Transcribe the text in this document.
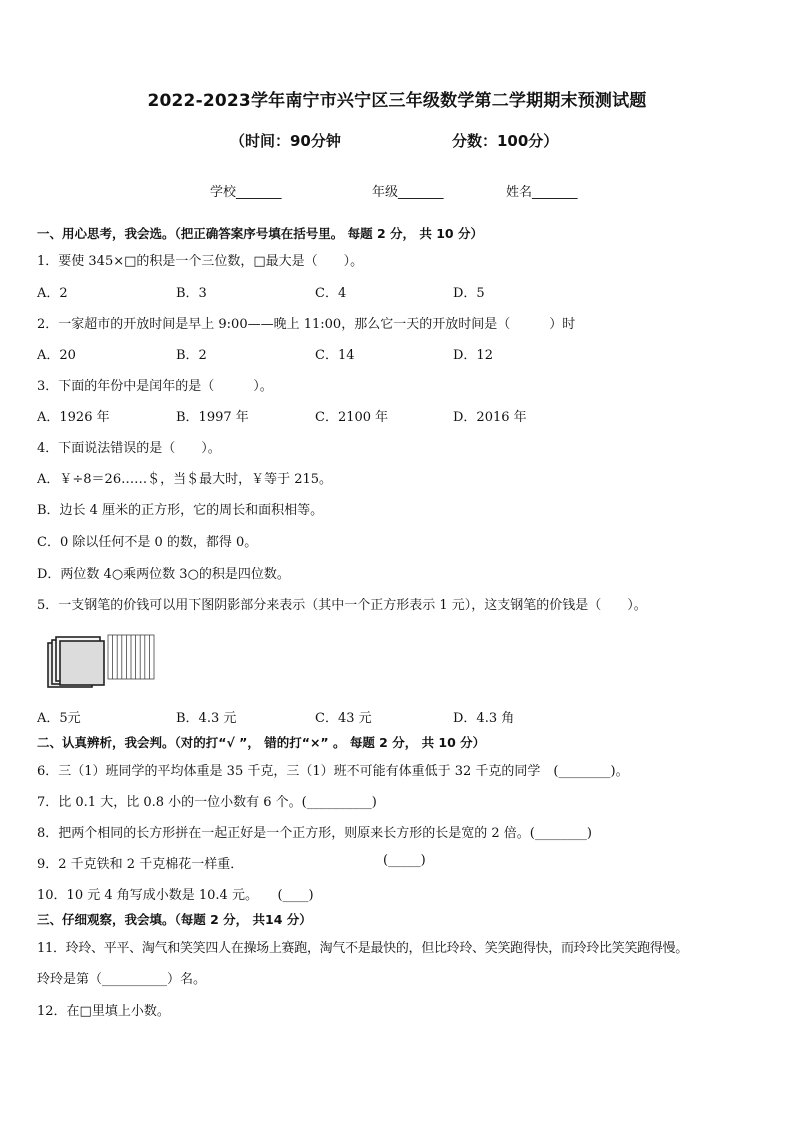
2022-2023学年南宁市兴宁区三年级数学第二学期期末预测试题
（时间：90分钟	分数：100分）
学校_______	年级_______	姓名_______
一、用心思考，我会选。（把正确答案序号填在括号里。 每题 2 分， 共 10 分）
1．要使 345×□的积是一个三位数，□最大是（　　）。
A．2	B．3	C．4	D．5
2．一家超市的开放时间是早上 9:00——晚上 11:00，那么它一天的开放时间是（　　　）时
A．20	B．2	C．14	D．12
3．下面的年份中是闰年的是（　　　）。
A．1926 年	B．1997 年	C．2100 年	D．2016 年
4．下面说法错误的是（　　）。
A．￥÷8＝26……＄，当＄最大时，￥等于 215。
B．边长 4 厘米的正方形，它的周长和面积相等。
C．0 除以任何不是 0 的数，都得 0。
D．两位数 4○乘两位数 3○的积是四位数。
5．一支钢笔的价钱可以用下图阴影部分来表示（其中一个正方形表示 1 元），这支钢笔的价钱是（　　）。
A．5元	B．4.3 元	C．43 元	D．4.3 角
二、认真辨析，我会判。（对的打“√ ”， 错的打“×” 。 每题 2 分， 共 10 分）
6．三（1）班同学的平均体重是 35 千克，三（1）班不可能有体重低于 32 千克的同学　(________)。
7．比 0.1 大，比 0.8 小的一位小数有 6 个。(__________)
8．把两个相同的长方形拼在一起正好是一个正方形，则原来长方形的长是宽的 2 倍。(________)
9．2 千克铁和 2 千克棉花一样重．	(_____)
10．10 元 4 角写成小数是 10.4 元。　　(____)
三、仔细观察，我会填。（每题 2 分， 共14 分）
11．玲玲、平平、淘气和笑笑四人在操场上赛跑，淘气不是最快的，但比玲玲、笑笑跑得快，而玲玲比笑笑跑得慢。
玲玲是第（__________）名。
12．在□里填上小数。
